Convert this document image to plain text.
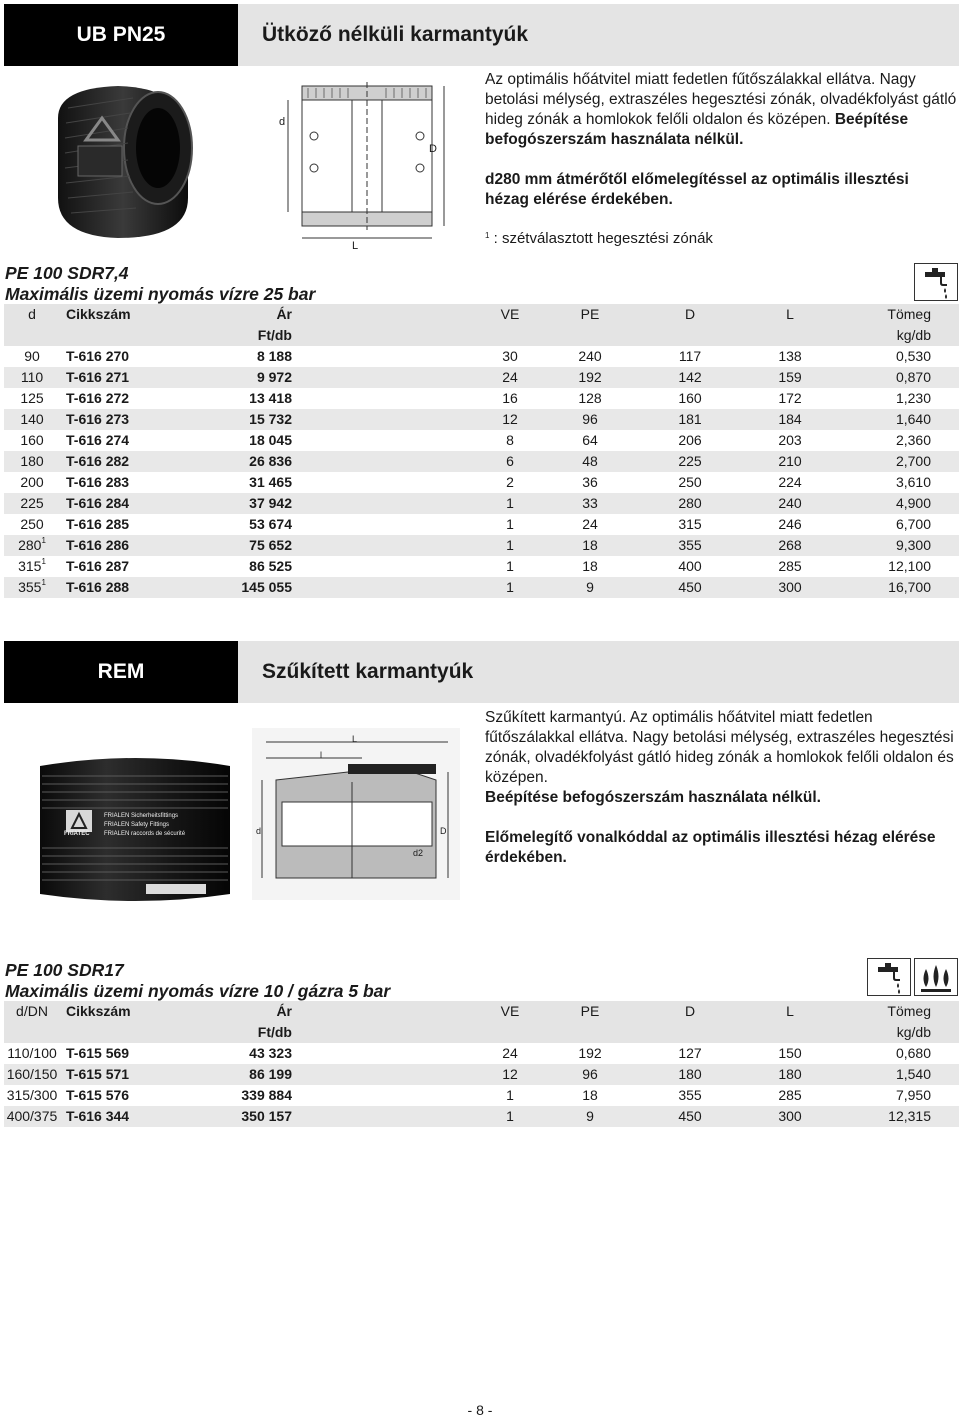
UB PN25	Ütköző nélküli karmantyúk
d
D
L
Az optimális hőátvitel miatt fedetlen fűtőszálakkal ellátva. Nagy betolási mélység, extraszéles hegesztési zónák, olvadékfolyást gátló hideg zónák a homlokok felőli oldalon és középen. Beépítése befogószerszám használata nélkül.
d280 mm átmérőtől előmelegítéssel az optimális illesztési hézag elérése érdekében.
$^1$ : szétválasztott hegesztési zónák
PE 100 SDR7,4
Maximális üzemi nyomás vízre 25 bar
d	Cikkszám	Ár		VE	PE	D	L	Tömeg
		Ft/db						kg/db
90	T-616 270	8 188		30	240	117	138	0,530
110	T-616 271	9 972		24	192	142	159	0,870
125	T-616 272	13 418		16	128	160	172	1,230
140	T-616 273	15 732		12	96	181	184	1,640
160	T-616 274	18 045		8	64	206	203	2,360
180	T-616 282	26 836		6	48	225	210	2,700
200	T-616 283	31 465		2	36	250	224	3,610
225	T-616 284	37 942		1	33	280	240	4,900
250	T-616 285	53 674		1	24	315	246	6,700
$280^1$	T-616 286	75 652		1	18	355	268	9,300
$315^1$	T-616 287	86 525		1	18	400	285	12,100
$355^1$	T-616 288	145 055		1	9	450	300	16,700
REM	Szűkített karmantyúk
FRIALEN Sicherheitsfittings
FRIALEN Safety Fittings
FRIALEN raccords de sécurité
FRIATEC
L
l
d	D
d2
Szűkített karmantyú. Az optimális hőátvitel miatt fedetlen fűtőszálakkal ellátva. Nagy betolási mélység, extraszéles hegesztési zónák, olvadékfolyást gátló hideg zónák a homlokok felőli oldalon és középen.
Beépítése befogószerszám használata nélkül.
Előmelegítő vonalkóddal az optimális illesztési hézag elérése érdekében.
PE 100 SDR17
Maximális üzemi nyomás vízre 10 / gázra 5 bar
d/DN	Cikkszám	Ár		VE	PE	D	L	Tömeg
		Ft/db						kg/db
110/100	T-615 569	43 323		24	192	127	150	0,680
160/150	T-615 571	86 199		12	96	180	180	1,540
315/300	T-615 576	339 884		1	18	355	285	7,950
400/375	T-616 344	350 157		1	9	450	300	12,315
- 8 -
